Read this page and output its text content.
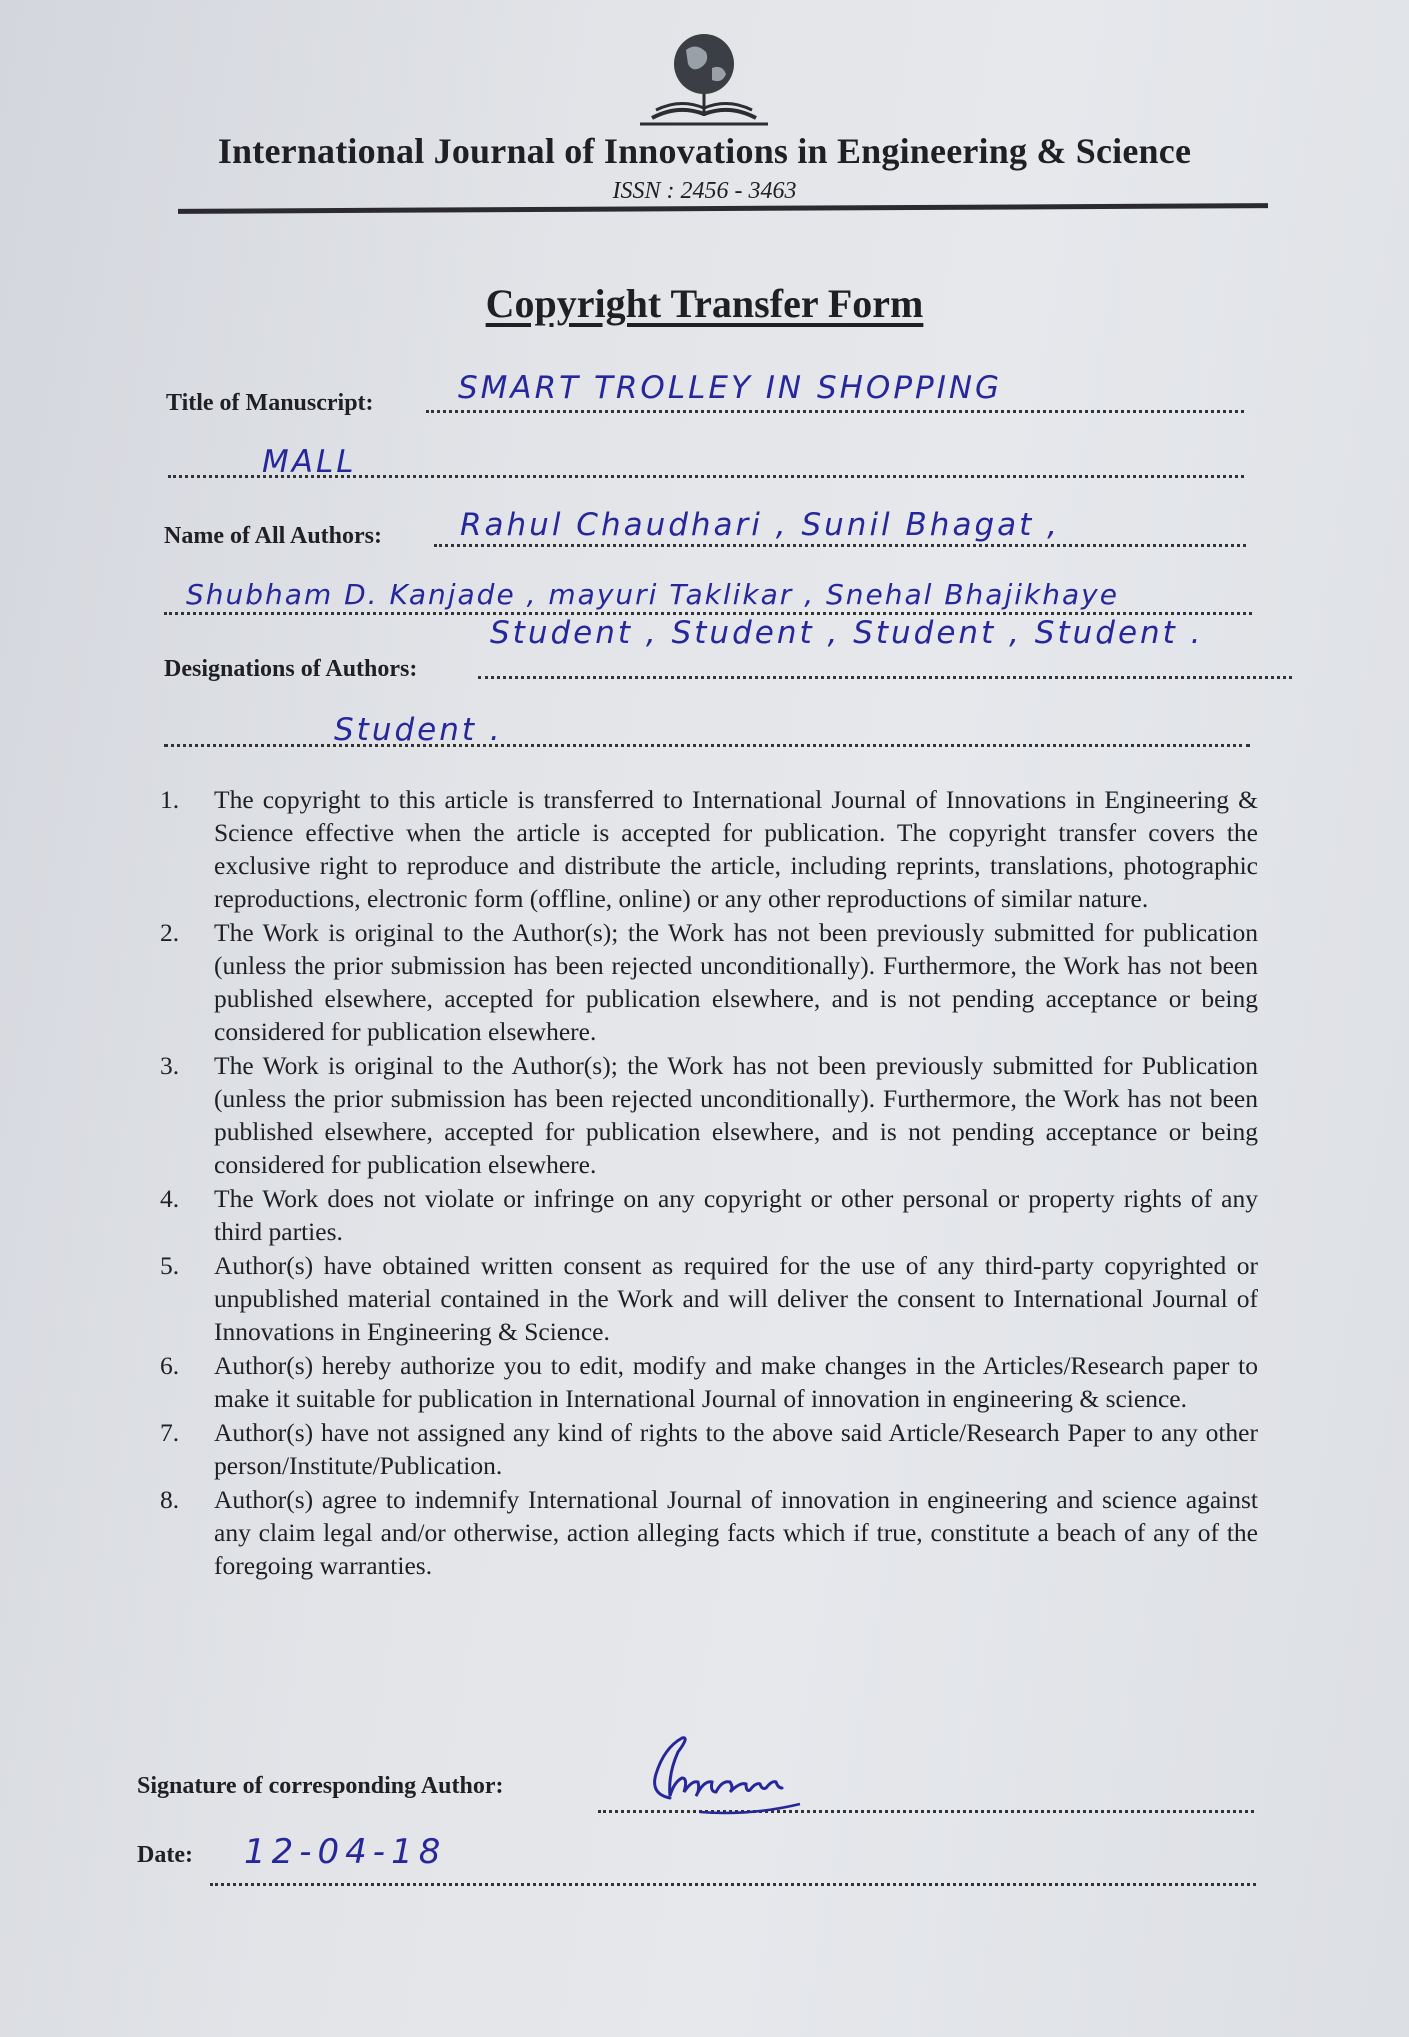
International Journal of Innovations in Engineering & Science
ISSN : 2456 - 3463
Copyright Transfer Form
Title of Manuscript:	SMART TROLLEY IN SHOPPING
MALL
Name of All Authors:	Rahul Chaudhari , Sunil Bhagat ,
Shubham D. Kanjade , mayuri Taklikar , Snehal Bhajikhaye
Designations of Authors:
Student , Student , Student , Student .
Student .
1. The copyright to this article is transferred to International Journal of Innovations in Engineering & Science effective when the article is accepted for publication. The copyright transfer covers the exclusive right to reproduce and distribute the article, including reprints, translations, photographic reproductions, electronic form (offline, online) or any other reproductions of similar nature.
2. The Work is original to the Author(s); the Work has not been previously submitted for publication (unless the prior submission has been rejected unconditionally). Furthermore, the Work has not been published elsewhere, accepted for publication elsewhere, and is not pending acceptance or being considered for publication elsewhere.
3. The Work is original to the Author(s); the Work has not been previously submitted for Publication (unless the prior submission has been rejected unconditionally). Furthermore, the Work has not been published elsewhere, accepted for publication elsewhere, and is not pending acceptance or being considered for publication elsewhere.
4. The Work does not violate or infringe on any copyright or other personal or property rights of any third parties.
5. Author(s) have obtained written consent as required for the use of any third-party copyrighted or unpublished material contained in the Work and will deliver the consent to International Journal of Innovations in Engineering & Science.
6. Author(s) hereby authorize you to edit, modify and make changes in the Articles/Research paper to make it suitable for publication in International Journal of innovation in engineering & science.
7. Author(s) have not assigned any kind of rights to the above said Article/Research Paper to any other person/Institute/Publication.
8. Author(s) agree to indemnify International Journal of innovation in engineering and science against any claim legal and/or otherwise, action alleging facts which if true, constitute a beach of any of the foregoing warranties.
Signature of corresponding Author:
Date: 12-04-18
